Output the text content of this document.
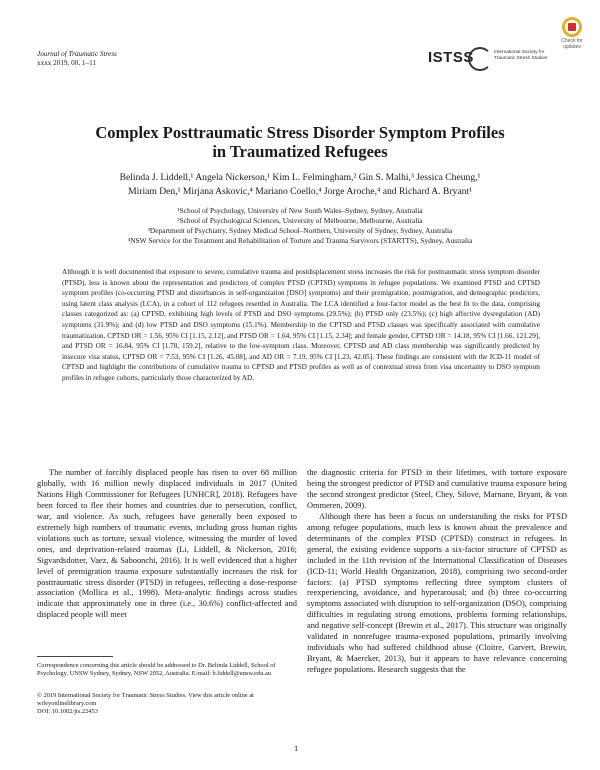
Journal of Traumatic Stress
xxxx 2019, 00, 1–11	ISTSS	International Society for Traumatic Stress Studies
Check for updates
Complex Posttraumatic Stress Disorder Symptom Profiles
in Traumatized Refugees
Belinda J. Liddell,¹ Angela Nickerson,¹ Kim L. Felmingham,² Gin S. Malhi,³ Jessica Cheung,¹
Miriam Den,¹ Mirjana Askovic,⁴ Mariano Coello,⁴ Jorge Aroche,⁴ and Richard A. Bryant¹
¹School of Psychology, University of New South Wales–Sydney, Sydney, Australia
²School of Psychological Sciences, University of Melbourne, Melbourne, Australia
³Department of Psychiatry, Sydney Medical School–Northern, University of Sydney, Sydney, Australia
⁴NSW Service for the Treatment and Rehabilitation of Torture and Trauma Survivors (STARTTS), Sydney, Australia

Although it is well documented that exposure to severe, cumulative trauma and postdisplacement stress increases the risk for posttraumatic stress symptom disorder (PTSD), less is known about the representation and predictors of complex PTSD (CPTSD) symptoms in refugee populations. We examined PTSD and CPTSD symptom profiles (co-occurring PTSD and disturbances in self-organization [DSO] symptoms) and their premigration, postmigration, and demographic predictors, using latent class analysis (LCA), in a cohort of 112 refugees resettled in Australia. The LCA identified a four-factor model as the best fit to the data, comprising classes categorized as: (a) CPTSD, exhibiting high levels of PTSD and DSO symptoms (29.5%); (b) PTSD only (23.5%); (c) high affective dysregulation (AD) symptoms (31.9%); and (d) low PTSD and DSO symptoms (15.1%). Membership in the CPTSD and PTSD classes was specifically associated with cumulative traumatization, CPTSD OR = 1.56, 95% CI [1.15, 2.12], and PTSD OR = 1.64, 95% CI [1.15, 2.34]; and female gender, CPTSD OR = 14.18, 95% CI [1.66, 121.29], and PTSD OR = 16.84, 95% CI [1.78, 159.2], relative to the low-symptom class. Moreover, CPTSD and AD class membership was significantly predicted by insecure visa status, CPTSD OR = 7.53, 95% CI [1.26, 45.08], and AD OR = 7.19, 95% CI [1.23, 42.05]. These findings are consistent with the ICD-11 model of CPTSD and highlight the contributions of cumulative trauma to CPTSD and PTSD profiles as well as of contextual stress from visa uncertainty to DSO symptom profiles in refugee cohorts, particularly those characterized by AD.

The number of forcibly displaced people has risen to over 68 million globally, with 16 million newly displaced individuals in 2017 (United Nations High Commissioner for Refugees [UNHCR], 2018). Refugees have been forced to flee their homes and countries due to persecution, conflict, war, and violence. As such, refugees have generally been exposed to extremely high numbers of traumatic events, including gross human rights violations such as torture, sexual violence, witnessing the murder of loved ones, and deprivation-related traumas (Li, Liddell, & Nickerson, 2016; Sigvardsdotter, Vaez, & Saboonchi, 2016). It is well evidenced that a higher level of premigration trauma exposure substantially increases the risk for posttraumatic stress disorder (PTSD) in refugees, reflecting a dose-response association (Mollica et al., 1998). Meta-analytic findings across studies indicate that approximately one in three (i.e., 30.6%) conflict-affected and displaced people will meet

the diagnostic criteria for PTSD in their lifetimes, with torture exposure being the strongest predictor of PTSD and cumulative trauma exposure being the second strongest predictor (Steel, Chey, Silove, Marnane, Bryant, & von Ommeren, 2009).

Although there has been a focus on understanding the risks for PTSD among refugee populations, much less is known about the prevalence and determinants of the complex PTSD (CPTSD) construct in refugees. In general, the existing evidence supports a six-factor structure of CPTSD as included in the 11th revision of the International Classification of Diseases (ICD-11; World Health Organization, 2018), comprising two second-order factors: (a) PTSD symptoms reflecting three symptom clusters of reexperiencing, avoidance, and hyperarousal; and (b) three co-occurring symptoms associated with disruption to self-organization (DSO), comprising difficulties in regulating strong emotions, problems forming relationships, and negative self-concept (Brewin et al., 2017). This structure was originally validated in nonrefugee trauma-exposed populations, primarily involving individuals who had suffered childhood abuse (Cloitre, Garvert, Brewin, Bryant, & Maercker, 2013), but it appears to have relevance concerning refugee populations. Research suggests that the

Correspondence concerning this article should be addressed to Dr. Belinda Liddell, School of Psychology, UNSW Sydney, Sydney, NSW 2052, Australia. E-mail: b.liddell@unsw.edu.au

© 2019 International Society for Traumatic Stress Studies. View this article online at wileyonlinelibrary.com
DOI: 10.1002/jts.22453
1
